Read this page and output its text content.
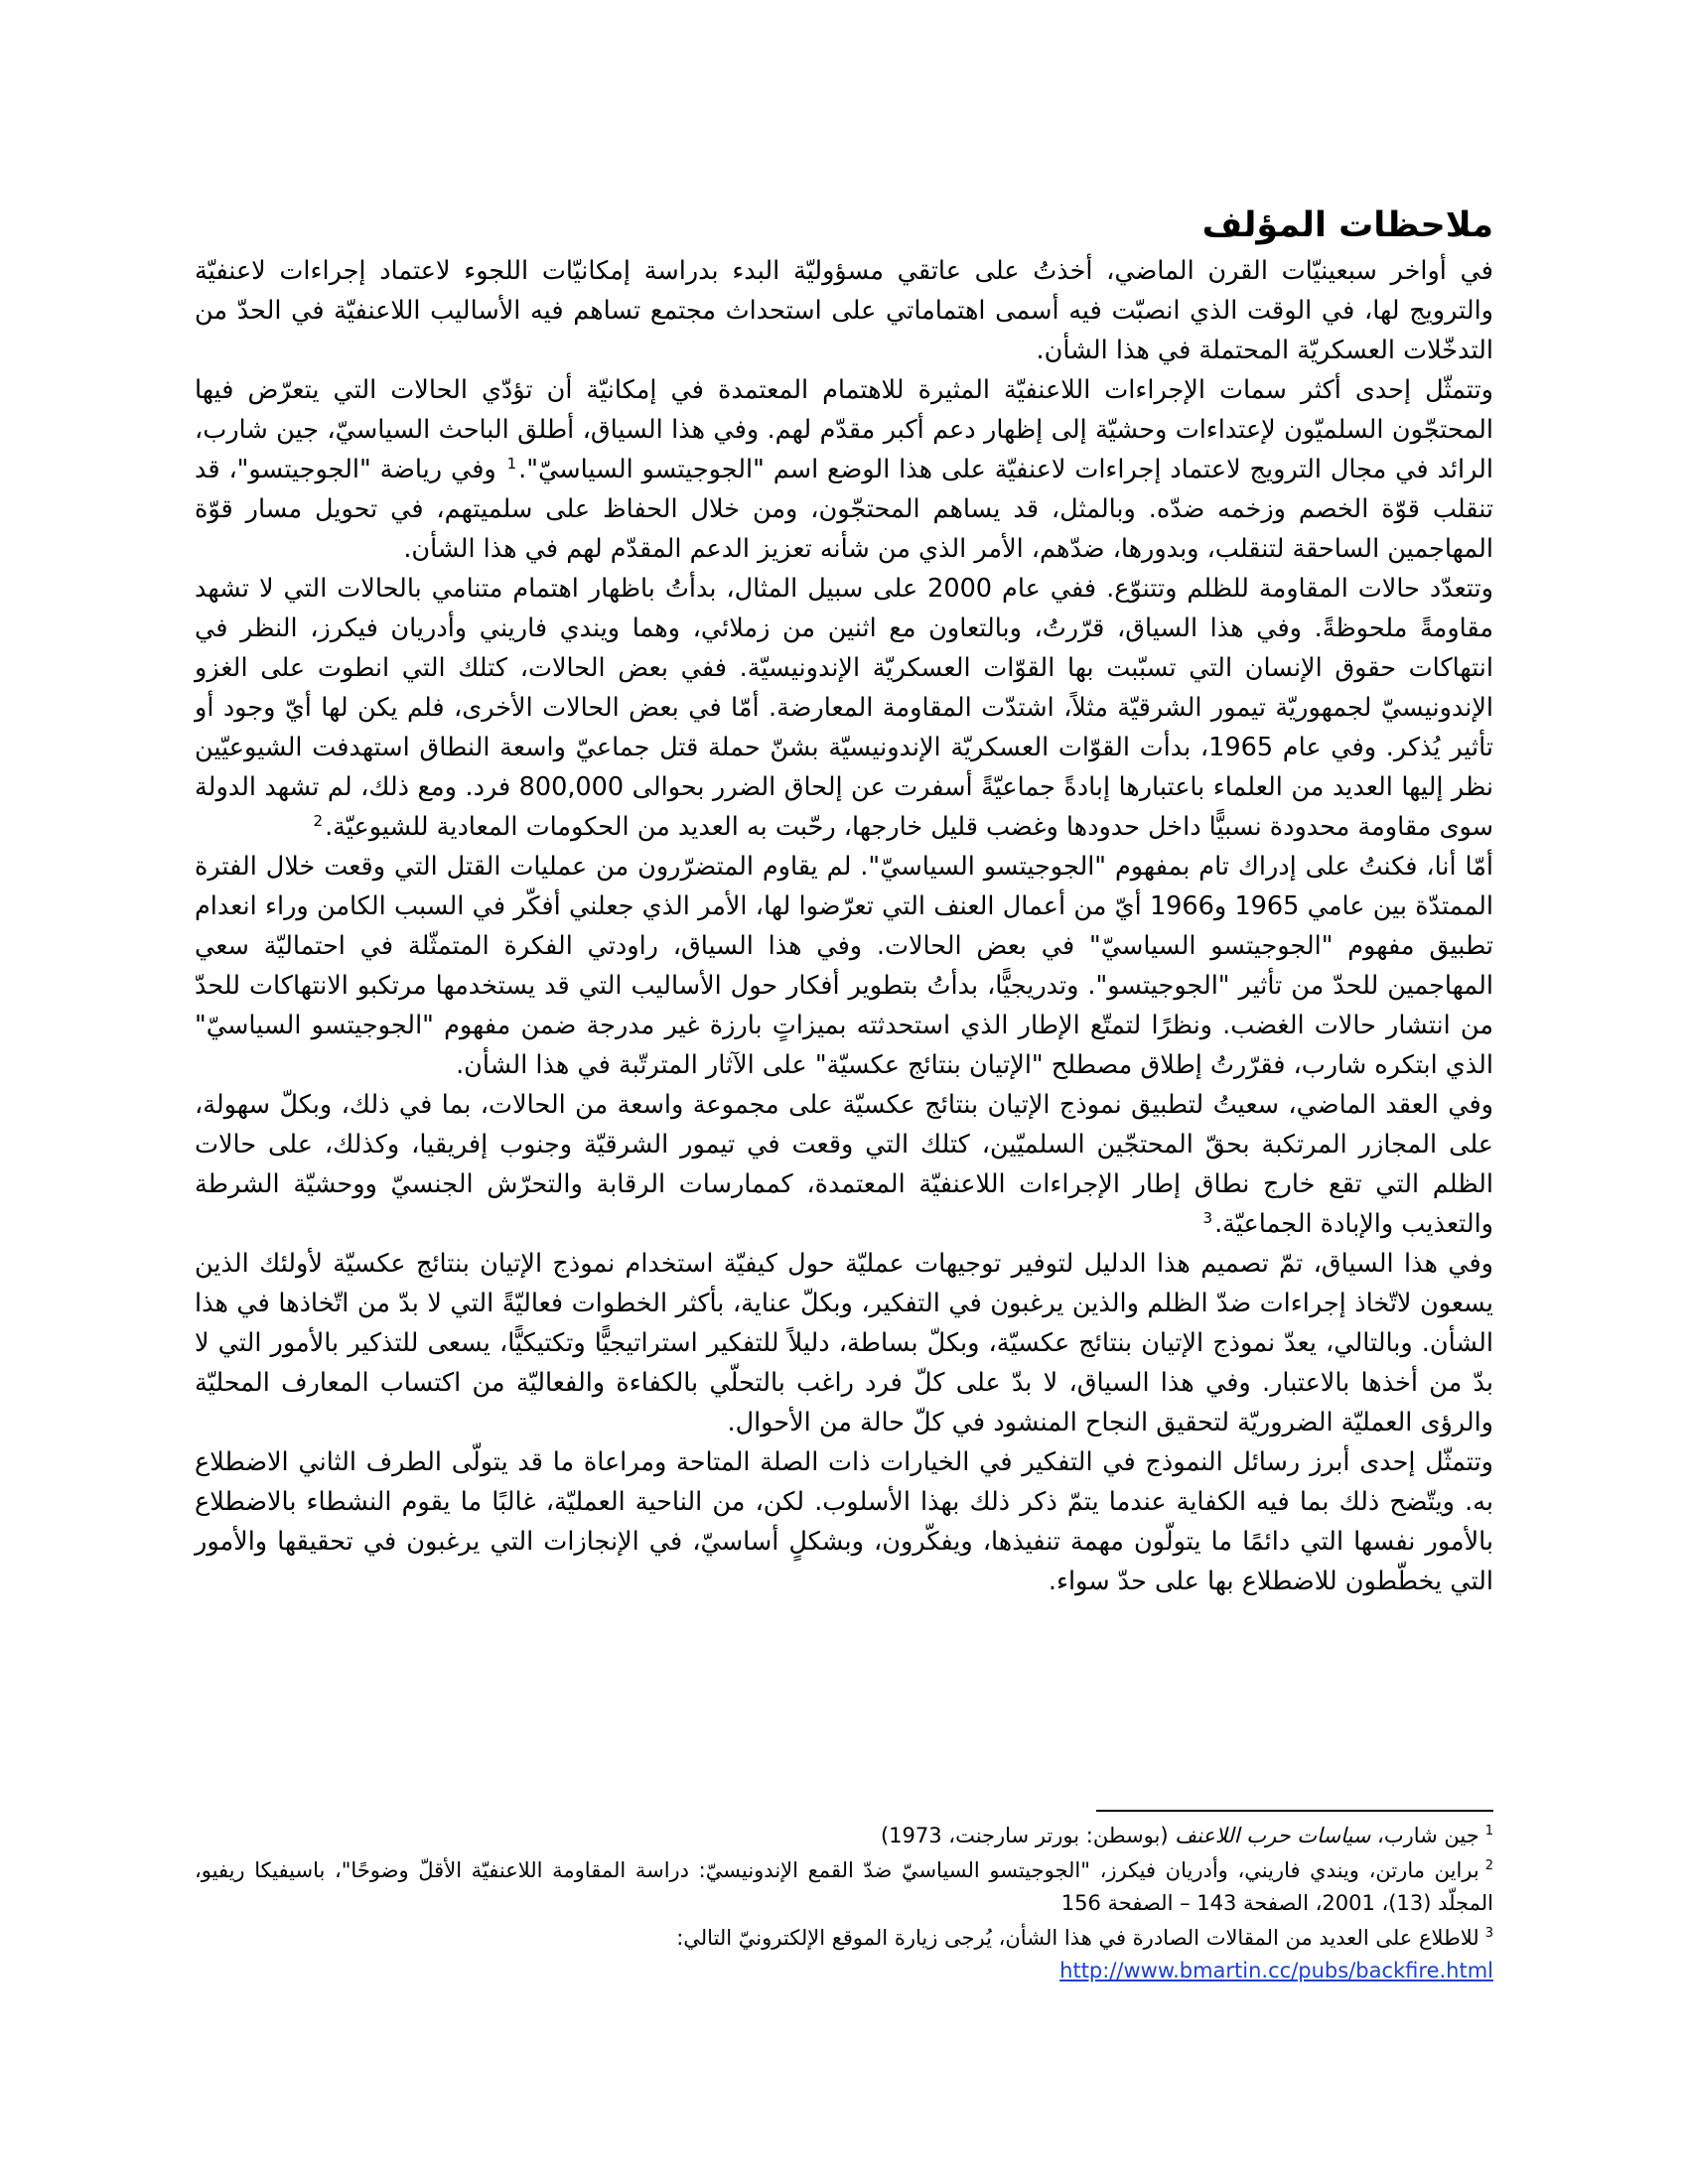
ملاحظات المؤلف

في أواخر سبعينيّات القرن الماضي، أخذتُ على عاتقي مسؤوليّة البدء بدراسة إمكانيّات اللجوء لاعتماد إجراءات لاعنفيّة والترويج لها، في الوقت الذي انصبّت فيه أسمى اهتماماتي على استحداث مجتمع تساهم فيه الأساليب اللاعنفيّة في الحدّ من التدخّلات العسكريّة المحتملة في هذا الشأن.

وتتمثّل إحدى أكثر سمات الإجراءات اللاعنفيّة المثيرة للاهتمام المعتمدة في إمكانيّة أن تؤدّي الحالات التي يتعرّض فيها المحتجّون السلميّون لإعتداءات وحشيّة إلى إظهار دعم أكبر مقدّم لهم. وفي هذا السياق، أطلق الباحث السياسيّ، جين شارب، الرائد في مجال الترويج لاعتماد إجراءات لاعنفيّة على هذا الوضع اسم "الجوجيتسو السياسيّ".$^1$ وفي رياضة "الجوجيتسو"، قد تنقلب قوّة الخصم وزخمه ضدّه. وبالمثل، قد يساهم المحتجّون، ومن خلال الحفاظ على سلميتهم، في تحويل مسار قوّة المهاجمين الساحقة لتنقلب، وبدورها، ضدّهم، الأمر الذي من شأنه تعزيز الدعم المقدّم لهم في هذا الشأن.

وتتعدّد حالات المقاومة للظلم وتتنوّع. ففي عام 2000 على سبيل المثال، بدأتُ باظهار اهتمام متنامي بالحالات التي لا تشهد مقاومةً ملحوظةً. وفي هذا السياق، قرّرتُ، وبالتعاون مع اثنين من زملائي، وهما ويندي فاريني وأدريان فيكرز، النظر في انتهاكات حقوق الإنسان التي تسبّبت بها القوّات العسكريّة الإندونيسيّة. ففي بعض الحالات، كتلك التي انطوت على الغزو الإندونيسيّ لجمهوريّة تيمور الشرقيّة مثلاً، اشتدّت المقاومة المعارضة. أمّا في بعض الحالات الأخرى، فلم يكن لها أيّ وجود أو تأثير يُذكر. وفي عام 1965، بدأت القوّات العسكريّة الإندونيسيّة بشنّ حملة قتل جماعيّ واسعة النطاق استهدفت الشيوعيّين نظر إليها العديد من العلماء باعتبارها إبادةً جماعيّةً أسفرت عن إلحاق الضرر بحوالى 800,000 فرد. ومع ذلك، لم تشهد الدولة سوى مقاومة محدودة نسبيًّا داخل حدودها وغضب قليل خارجها، رحّبت به العديد من الحكومات المعادية للشيوعيّة.$^2$

أمّا أنا، فكنتُ على إدراك تام بمفهوم "الجوجيتسو السياسيّ". لم يقاوم المتضرّرون من عمليات القتل التي وقعت خلال الفترة الممتدّة بين عامي 1965 و1966 أيّ من أعمال العنف التي تعرّضوا لها، الأمر الذي جعلني أفكّر في السبب الكامن وراء انعدام تطبيق مفهوم "الجوجيتسو السياسيّ" في بعض الحالات. وفي هذا السياق، راودتي الفكرة المتمثّلة في احتماليّة سعي المهاجمين للحدّ من تأثير "الجوجيتسو". وتدريجيًّا، بدأتُ بتطوير أفكار حول الأساليب التي قد يستخدمها مرتكبو الانتهاكات للحدّ من انتشار حالات الغضب. ونظرًا لتمتّع الإطار الذي استحدثته بميزاتٍ بارزة غير مدرجة ضمن مفهوم "الجوجيتسو السياسيّ" الذي ابتكره شارب، فقرّرتُ إطلاق مصطلح "الإتيان بنتائج عكسيّة" على الآثار المترتّبة في هذا الشأن.

وفي العقد الماضي، سعيتُ لتطبيق نموذج الإتيان بنتائج عكسيّة على مجموعة واسعة من الحالات، بما في ذلك، وبكلّ سهولة، على المجازر المرتكبة بحقّ المحتجّين السلميّين، كتلك التي وقعت في تيمور الشرقيّة وجنوب إفريقيا، وكذلك، على حالات الظلم التي تقع خارج نطاق إطار الإجراءات اللاعنفيّة المعتمدة، كممارسات الرقابة والتحرّش الجنسيّ ووحشيّة الشرطة والتعذيب والإبادة الجماعيّة.$^3$

وفي هذا السياق، تمّ تصميم هذا الدليل لتوفير توجيهات عمليّة حول كيفيّة استخدام نموذج الإتيان بنتائج عكسيّة لأولئك الذين يسعون لاتّخاذ إجراءات ضدّ الظلم والذين يرغبون في التفكير، وبكلّ عناية، بأكثر الخطوات فعاليّةً التي لا بدّ من اتّخاذها في هذا الشأن. وبالتالي، يعدّ نموذج الإتيان بنتائج عكسيّة، وبكلّ بساطة، دليلاً للتفكير استراتيجيًّا وتكتيكيًّا، يسعى للتذكير بالأمور التي لا بدّ من أخذها بالاعتبار. وفي هذا السياق، لا بدّ على كلّ فرد راغب بالتحلّي بالكفاءة والفعاليّة من اكتساب المعارف المحليّة والرؤى العمليّة الضروريّة لتحقيق النجاح المنشود في كلّ حالة من الأحوال.

وتتمثّل إحدى أبرز رسائل النموذج في التفكير في الخيارات ذات الصلة المتاحة ومراعاة ما قد يتولّى الطرف الثاني الاضطلاع به. ويتّضح ذلك بما فيه الكفاية عندما يتمّ ذكر ذلك بهذا الأسلوب. لكن، من الناحية العمليّة، غالبًا ما يقوم النشطاء بالاضطلاع بالأمور نفسها التي دائمًا ما يتولّون مهمة تنفيذها، ويفكّرون، وبشكلٍ أساسيّ، في الإنجازات التي يرغبون في تحقيقها والأمور التي يخطّطون للاضطلاع بها على حدّ سواء.

$^1$جين شارب، سياسات حرب اللاعنف (بوسطن: بورتر سارجنت، 1973)

$^2$براين مارتن، ويندي فاريني، وأدريان فيكرز، "الجوجيتسو السياسيّ ضدّ القمع الإندونيسيّ: دراسة المقاومة اللاعنفيّة الأقلّ وضوحًا"، باسيفيكا ريفيو، المجلّد (13)، 2001، الصفحة 143 – الصفحة 156

$^3$للاطلاع على العديد من المقالات الصادرة في هذا الشأن، يُرجى زيارة الموقع الإلكترونيّ التالي:

http://www.bmartin.cc/pubs/backfire.html
